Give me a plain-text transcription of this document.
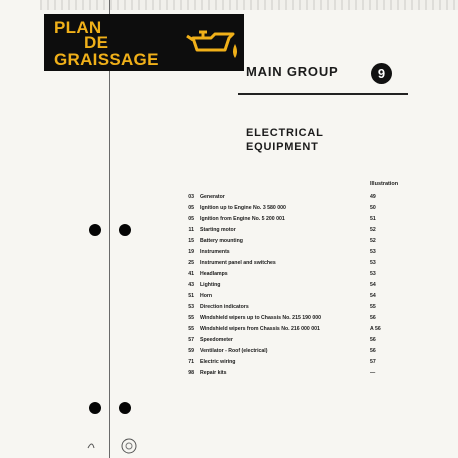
PLAN
DE
GRAISSAGE
MAIN GROUP	9
ELECTRICAL
EQUIPMENT
Illustration
03 Generator	49
05 Ignition up to Engine No. 3 580 000	50
05 Ignition from Engine No. 5 200 001	51
11 Starting motor	52
15 Battery mounting	52
19 Instruments	53
25 Instrument panel and switches	53
41 Headlamps	53
43 Lighting	54
51 Horn	54
53 Direction indicators	55
55 Windshield wipers up to Chassis No. 215 190 000	56
55 Windshield wipers from Chassis No. 216 000 001	A 56
57 Speedometer	56
59 Ventilator - Roof (electrical)	56
71 Electric wiring	57
98 Repair kits	—
